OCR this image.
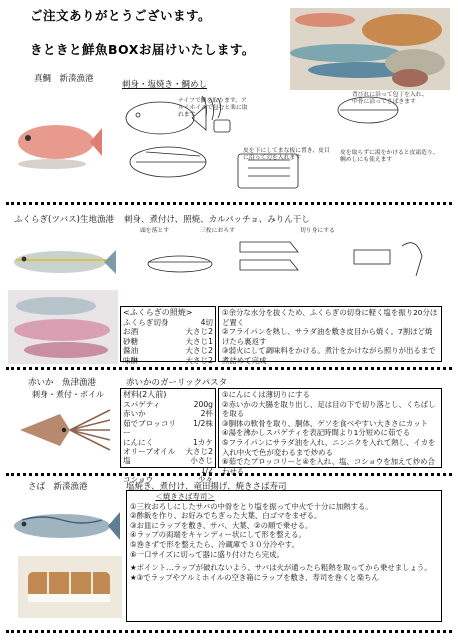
ご注文ありがとうございます。
きときと鮮魚BOXお届けいたします。
真鯛　新湊漁港
刺身・塩焼き・鯛めし
ナイフで鱗を取ります。アルミホイルで包むと楽に取れます
背びれに沿って包丁を入れ、中骨に沿ってさばきます
皮を下にしてまな板に置き、皮目に沿って刃を入れます
皮を取らずに湯をかけると皮霜造り、鯛めしにも使えます
ふくらぎ(ツバス)生地漁港 刺身、煮付け、照焼、カルパッチョ、みりん干し
頭を落とす	三枚におろす	切り身にする
<ふくらぎの照焼>
ふくらぎ切身	4切
お酒	大さじ2
砂糖	大さじ1
醤油	大さじ2
味醂	大さじ2
①余分な水分を抜くため、ふくらぎの切身に軽く塩を振り20分ほど置く
②フライパンを熱し、サラダ油を敷き皮目から焼く。7割ほど焼けたら裏返す
③弱火にして調味料をかける。煮汁をかけながら照りが出るまで煮詰めて完成
赤いか　魚津漁港
刺身・煮付・ボイル
赤いかのガーリックパスタ
材料(2人前)
スパゲティ	200g
赤いか	2杯
茹でブロッコリー	1/2株
にんにく	1カケ
オリーブオイル	大さじ2
塩	小さじ1/2
コショウ	少々
①にんにくは薄切りにする
②赤いかの大腸を取り出し、足は目の下で切り落とし、くちばしを取る
③胴体の軟骨を取り、胴体、ゲソを食べやすい大きさにカット
④湯を沸かしスパゲティを表記時間より1分短めに茹でる
⑤フライパンにサラダ油を入れ、ニンニクを入れて熱し、イカを入れ中火で色が変わるまで炒める
⑥茹でたブロッコリーと④を入れ、塩、コショウを加えて炒め合わせる
さば　新湊漁港	塩焼き、煮付け、竜田揚げ、焼きさば寿司
＜焼きさば寿司＞
①三枚おろしにしたサバの中骨をとり塩を振って中火で十分に加熱する。
②酢飯を作り、お好みでちぎった大葉、白ゴマをまぜる。
③お皿にラップを敷き、サバ、大葉、②の順で乗せる。
④ラップの両端をキャンディー状にして形を整える。
⑤巻きずで形を整えたら、冷蔵庫で３０分冷やす。
⑥一口サイズに切って器に盛り付けたら完成。
★ポイント…ラップが破れないよう、サバは火が通ったら粗熱を取ってから乗せましょう。
★③でラップやアルミホイルの空き箱にラップを敷き、寿司を巻くと楽ちん
